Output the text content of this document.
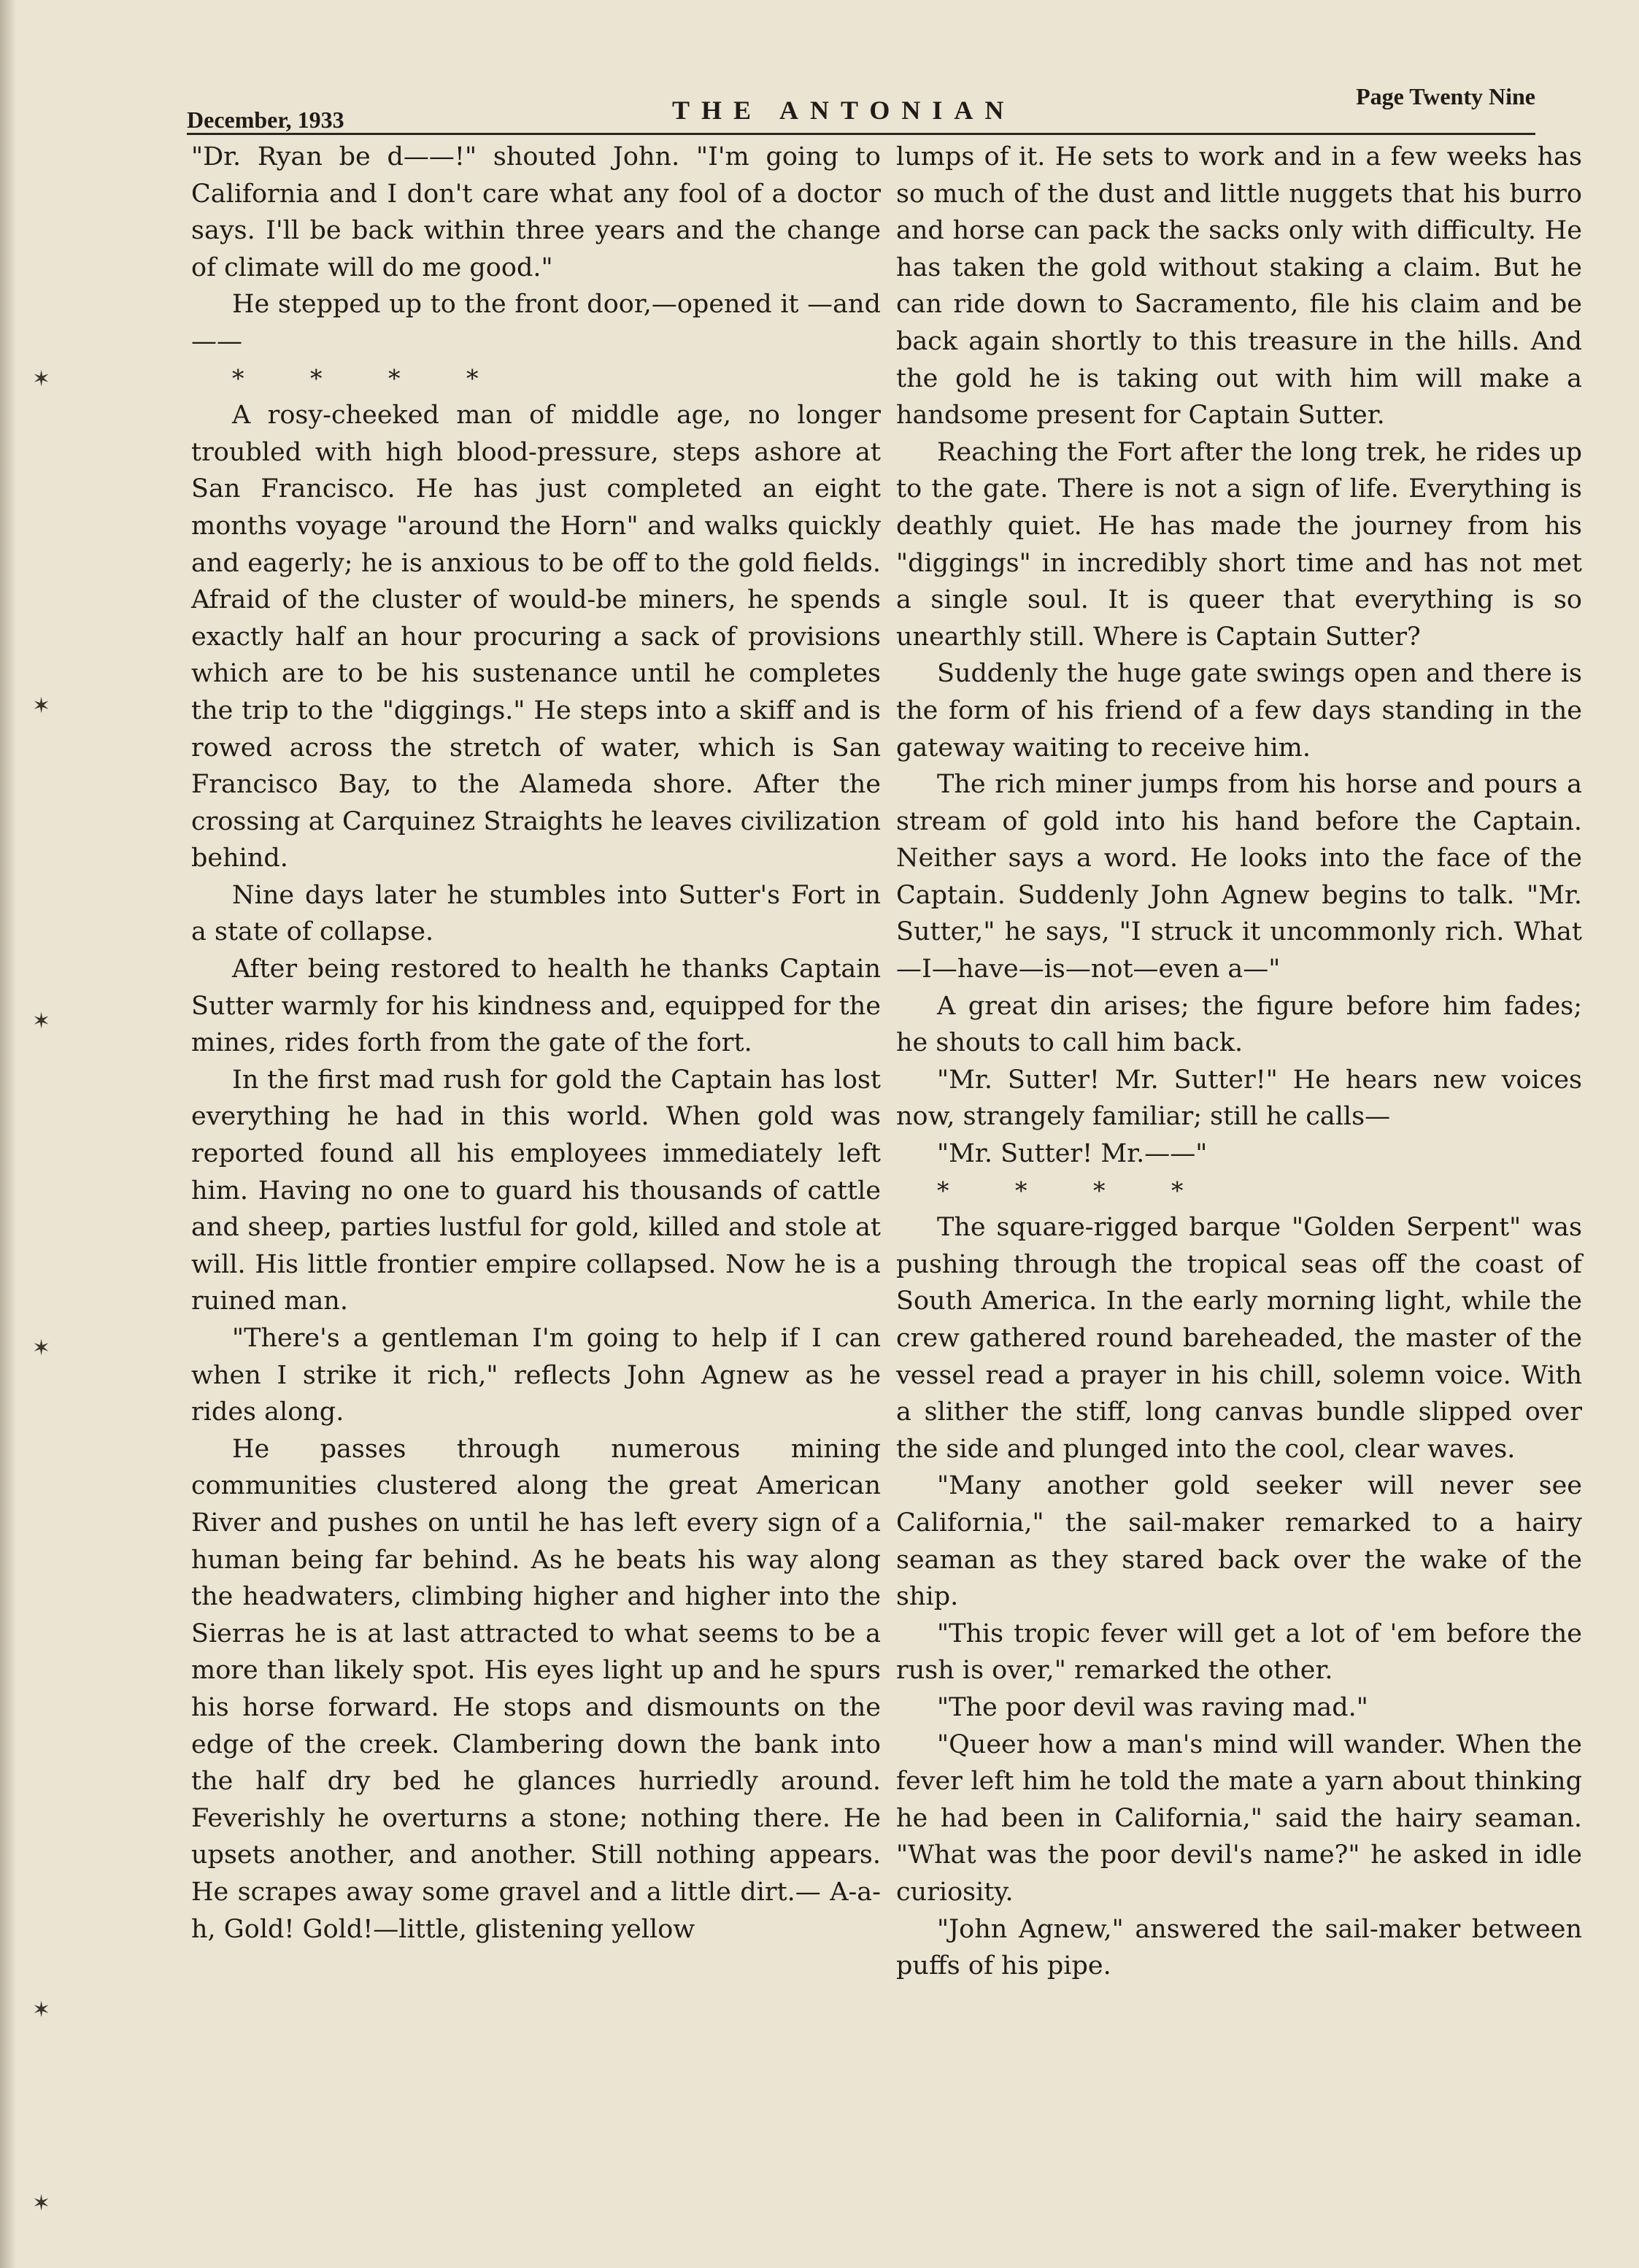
✶
✶
✶
✶
✶
✶
December, 1933	THE ANTONIAN	Page Twenty Nine

"Dr. Ryan be d——!" shouted John. "I'm going to California and I don't care what any fool of a doctor says. I'll be back within three years and the change of climate will do me good."

He stepped up to the front door,—opened it —and——

* * * *

A rosy-cheeked man of middle age, no longer troubled with high blood-pressure, steps ashore at San Francisco. He has just completed an eight months voyage "around the Horn" and walks quickly and eagerly; he is anxious to be off to the gold fields. Afraid of the cluster of would-be miners, he spends exactly half an hour procuring a sack of provisions which are to be his sustenance until he completes the trip to the "diggings." He steps into a skiff and is rowed across the stretch of water, which is San Francisco Bay, to the Alameda shore. After the crossing at Carquinez Straights he leaves civilization behind.

Nine days later he stumbles into Sutter's Fort in a state of collapse.

After being restored to health he thanks Captain Sutter warmly for his kindness and, equipped for the mines, rides forth from the gate of the fort.

In the first mad rush for gold the Captain has lost everything he had in this world. When gold was reported found all his employees immediately left him. Having no one to guard his thousands of cattle and sheep, parties lustful for gold, killed and stole at will. His little frontier empire collapsed. Now he is a ruined man.

"There's a gentleman I'm going to help if I can when I strike it rich," reflects John Agnew as he rides along.

He passes through numerous mining communities clustered along the great American River and pushes on until he has left every sign of a human being far behind. As he beats his way along the headwaters, climbing higher and higher into the Sierras he is at last attracted to what seems to be a more than likely spot. His eyes light up and he spurs his horse forward. He stops and dismounts on the edge of the creek. Clambering down the bank into the half dry bed he glances hurriedly around. Feverishly he overturns a stone; nothing there. He upsets another, and another. Still nothing appears. He scrapes away some gravel and a little dirt.— A-a-h, Gold! Gold!—little, glistening yellow

lumps of it. He sets to work and in a few weeks has so much of the dust and little nuggets that his burro and horse can pack the sacks only with difficulty. He has taken the gold without staking a claim. But he can ride down to Sacramento, file his claim and be back again shortly to this treasure in the hills. And the gold he is taking out with him will make a handsome present for Captain Sutter.

Reaching the Fort after the long trek, he rides up to the gate. There is not a sign of life. Everything is deathly quiet. He has made the journey from his "diggings" in incredibly short time and has not met a single soul. It is queer that everything is so unearthly still. Where is Captain Sutter?

Suddenly the huge gate swings open and there is the form of his friend of a few days standing in the gateway waiting to receive him.

The rich miner jumps from his horse and pours a stream of gold into his hand before the Captain. Neither says a word. He looks into the face of the Captain. Suddenly John Agnew begins to talk. "Mr. Sutter," he says, "I struck it uncommonly rich. What—I—have—is—not—even a—"

A great din arises; the figure before him fades; he shouts to call him back.

"Mr. Sutter! Mr. Sutter!" He hears new voices now, strangely familiar; still he calls—

"Mr. Sutter! Mr.——"

* * * *

The square-rigged barque "Golden Serpent" was pushing through the tropical seas off the coast of South America. In the early morning light, while the crew gathered round bareheaded, the master of the vessel read a prayer in his chill, solemn voice. With a slither the stiff, long canvas bundle slipped over the side and plunged into the cool, clear waves.

"Many another gold seeker will never see California," the sail-maker remarked to a hairy seaman as they stared back over the wake of the ship.

"This tropic fever will get a lot of 'em before the rush is over," remarked the other.

"The poor devil was raving mad."

"Queer how a man's mind will wander. When the fever left him he told the mate a yarn about thinking he had been in California," said the hairy seaman. "What was the poor devil's name?" he asked in idle curiosity.

"John Agnew," answered the sail-maker between puffs of his pipe.
